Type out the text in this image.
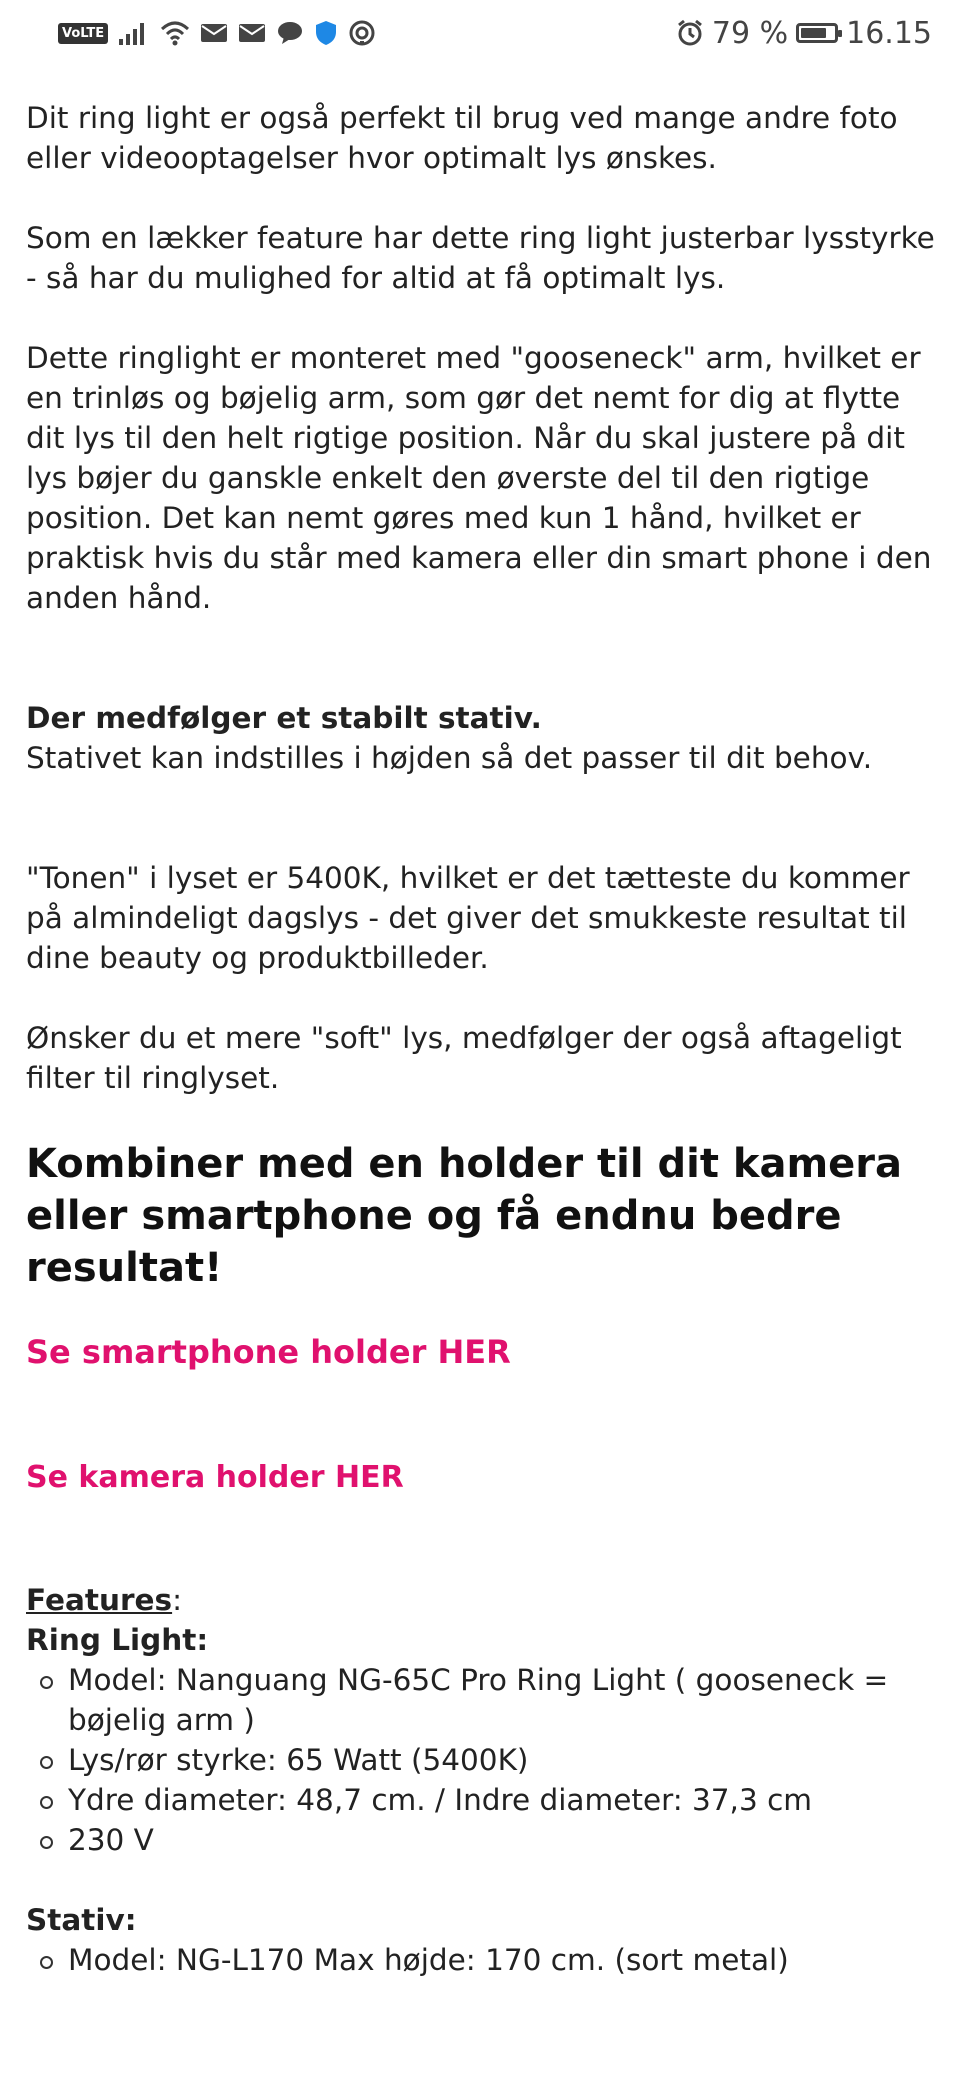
VoLTE	79 % 16.15

Dit ring light er også perfekt til brug ved mange andre foto eller videooptagelser hvor optimalt lys ønskes.

Som en lækker feature har dette ring light justerbar lysstyrke - så har du mulighed for altid at få optimalt lys.

Dette ringlight er monteret med "gooseneck" arm, hvilket er en trinløs og bøjelig arm, som gør det nemt for dig at flytte dit lys til den helt rigtige position. Når du skal justere på dit lys bøjer du ganskle enkelt den øverste del til den rigtige position. Det kan nemt gøres med kun 1 hånd, hvilket er praktisk hvis du står med kamera eller din smart phone i den anden hånd.

Der medfølger et stabilt stativ.

Stativet kan indstilles i højden så det passer til dit behov.

"Tonen" i lyset er 5400K, hvilket er det tætteste du kommer på almindeligt dagslys - det giver det smukkeste resultat til dine beauty og produktbilleder.

Ønsker du et mere "soft" lys, medfølger der også aftageligt filter til ringlyset.

Kombiner med en holder til dit kamera eller smartphone og få endnu bedre resultat!
Se smartphone holder HER
Se kamera holder HER

Features:

Ring Light:

Model: Nanguang NG-65C Pro Ring Light ( gooseneck = bøjelig arm )
Lys/rør styrke: 65 Watt (5400K)
Ydre diameter: 48,7 cm. / Indre diameter: 37,3 cm
230 V

Stativ:

Model: NG-L170 Max højde: 170 cm. (sort metal)
